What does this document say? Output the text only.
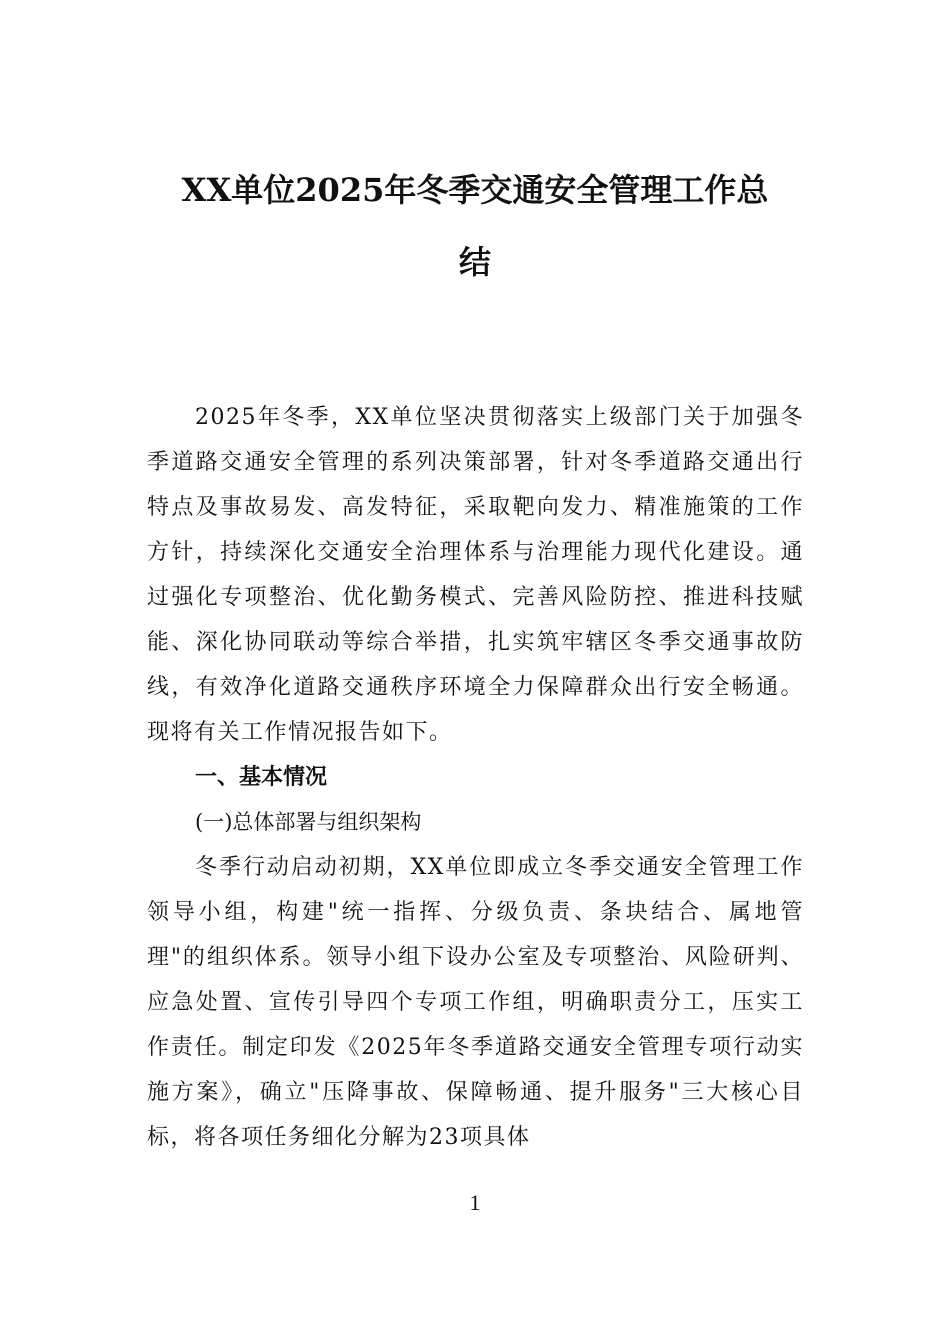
XX单位2025年冬季交通安全管理工作总
结

2025年冬季，XX单位坚决贯彻落实上级部门关于加强冬季道路交通安全管理的系列决策部署，针对冬季道路交通出行特点及事故易发、高发特征，采取靶向发力、精准施策的工作方针，持续深化交通安全治理体系与治理能力现代化建设。通过强化专项整治、优化勤务模式、完善风险防控、推进科技赋能、深化协同联动等综合举措，扎实筑牢辖区冬季交通事故防线，有效净化道路交通秩序环境全力保障群众出行安全畅通。现将有关工作情况报告如下。

一、基本情况

(一)总体部署与组织架构

冬季行动启动初期，XX单位即成立冬季交通安全管理工作领导小组，构建"统一指挥、分级负责、条块结合、属地管理"的组织体系。领导小组下设办公室及专项整治、风险研判、应急处置、宣传引导四个专项工作组，明确职责分工，压实工作责任。制定印发《2025年冬季道路交通安全管理专项行动实施方案》，确立"压降事故、保障畅通、提升服务"三大核心目标，将各项任务细化分解为23项具体

1
